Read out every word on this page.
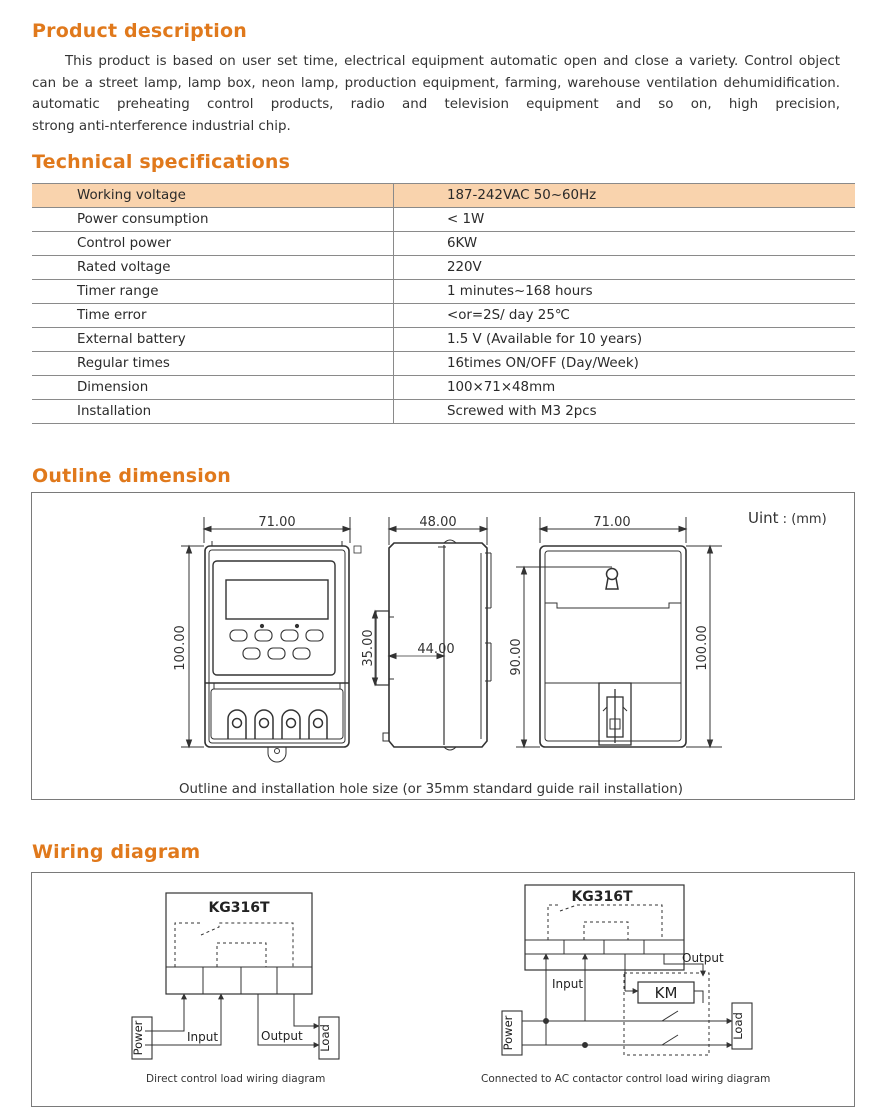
Product description
This product is based on user set time, electrical equipment automatic open and close a variety. Control object
can be a street lamp, lamp box, neon lamp, production equipment, farming, warehouse ventilation dehumidification.
automatic preheating control products, radio and television equipment and so on, high precision,
strong anti-nterference industrial chip.
Technical specifications
Working voltage	187-242VAC 50~60Hz
Power consumption	< 1W
Control power	6KW
Rated voltage	220V
Timer range	1 minutes~168 hours
Time error	<or=2S/ day 25℃
External battery	1.5 V (Available for 10 years)
Regular times	16times ON/OFF (Day/Week)
Dimension	100×71×48mm
Installation	Screwed with M3 2pcs
Outline dimension
Uint : (mm)
71.00
100.00
48.00
35.00	44.00
71.00
90.00	100.00
Outline and installation hole size (or 35mm standard guide rail installation)
Wiring diagram
KG316T
KG316T
Power	Load
Input	Output	Power	Load
Input
Output
KM
Direct control load wiring diagram	Connected to AC contactor control load wiring diagram
